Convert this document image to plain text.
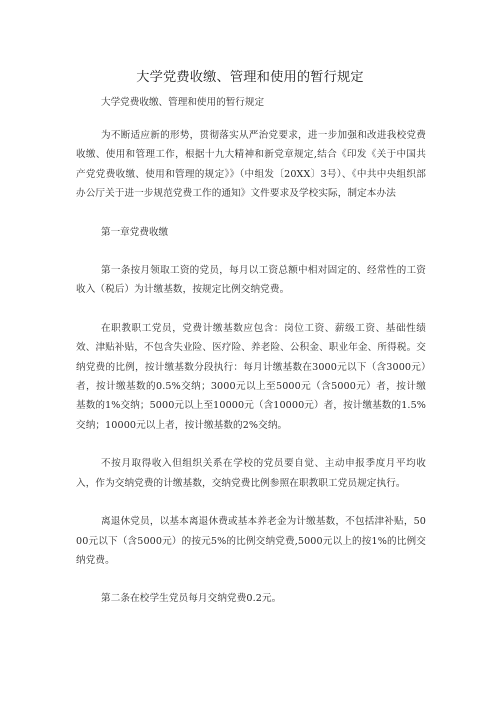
大学党费收缴、管理和使用的暂行规定
大学党费收缴、管理和使用的暂行规定

为不断适应新的形势，贯彻落实从严治党要求，进一步加强和改进我校党费收缴、使用和管理工作，根据十九大精神和新党章规定,结合《印发《关于中国共产党党费收缴、使用和管理的规定》》（中组发〔20XX〕3号）、《中共中央组织部办公厅关于进一步规范党费工作的通知》文件要求及学校实际，制定本办法

第一章党费收缴

第一条按月领取工资的党员，每月以工资总额中相对固定的、经常性的工资收入（税后）为计缴基数，按规定比例交纳党费。

在职教职工党员，党费计缴基数应包含：岗位工资、薪级工资、基础性绩效、津贴补贴，不包含失业险、医疗险、养老险、公积金、职业年金、所得税。交纳党费的比例，按计缴基数分段执行：每月计缴基数在3000元以下（含3000元）者，按计缴基数的0.5%交纳；3000元以上至5000元（含5000元）者，按计缴基数的1%交纳；5000元以上至10000元（含10000元）者，按计缴基数的1.5%交纳；10000元以上者，按计缴基数的2%交纳。

不按月取得收入但组织关系在学校的党员要自觉、主动申报季度月平均收入，作为交纳党费的计缴基数，交纳党费比例参照在职教职工党员规定执行。

离退休党员，以基本离退休费或基本养老金为计缴基数，不包括津补贴，5000元以下（含5000元）的按元5%的比例交纳党费,5000元以上的按1%的比例交纳党费。

第二条在校学生党员每月交纳党费0.2元。
